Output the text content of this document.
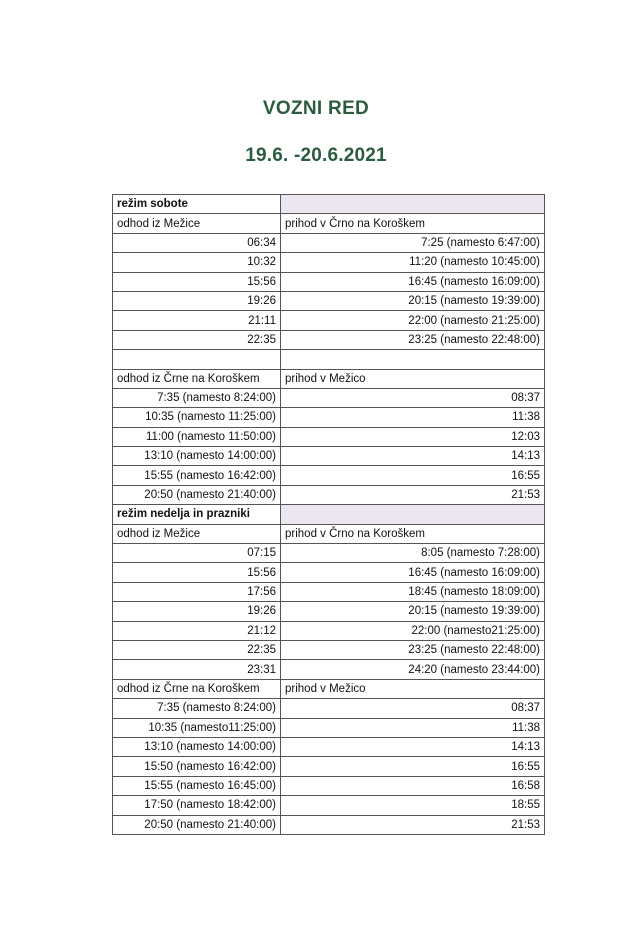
VOZNI RED
19.6. -20.6.2021
režim sobote	
odhod iz Mežice	prihod v Črno na Koroškem
06:34	7:25 (namesto 6:47:00)
10:32	11:20 (namesto 10:45:00)
15:56	16:45 (namesto 16:09:00)
19:26	20:15 (namesto 19:39:00)
21:11	22:00 (namesto 21:25:00)
22:35	23:25 (namesto 22:48:00)

odhod iz Črne na Koroškem	prihod v Mežico
7:35 (namesto 8:24:00)	08:37
10:35 (namesto 11:25:00)	11:38
11:00 (namesto 11:50:00)	12:03
13:10 (namesto 14:00:00)	14:13
15:55 (namesto 16:42:00)	16:55
20:50 (namesto 21:40:00)	21:53
režim nedelja in prazniki	
odhod iz Mežice	prihod v Črno na Koroškem
07:15	8:05 (namesto 7:28:00)
15:56	16:45 (namesto 16:09:00)
17:56	18:45 (namesto 18:09:00)
19:26	20:15 (namesto 19:39:00)
21:12	22:00 (namesto21:25:00)
22:35	23:25 (namesto 22:48:00)
23:31	24:20 (namesto 23:44:00)
odhod iz Črne na Koroškem	prihod v Mežico
7:35 (namesto 8:24:00)	08:37
10:35 (namesto11:25:00)	11:38
13:10 (namesto 14:00:00)	14:13
15:50 (namesto 16:42:00)	16:55
15:55 (namesto 16:45:00)	16:58
17:50 (namesto 18:42:00)	18:55
20:50 (namesto 21:40:00)	21:53
